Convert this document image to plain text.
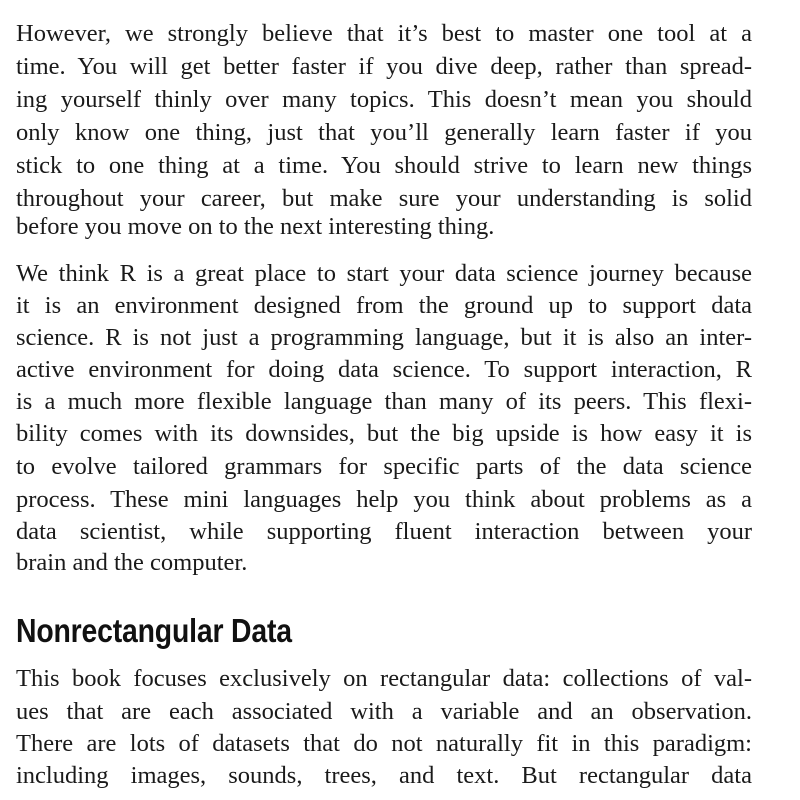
However, we strongly believe that it’s best to master one tool at a
time. You will get better faster if you dive deep, rather than spread-
ing yourself thinly over many topics. This doesn’t mean you should
only know one thing, just that you’ll generally learn faster if you
stick to one thing at a time. You should strive to learn new things
throughout your career, but make sure your understanding is solid
before you move on to the next interesting thing.
We think R is a great place to start your data science journey because
it is an environment designed from the ground up to support data
science. R is not just a programming language, but it is also an inter-
active environment for doing data science. To support interaction, R
is a much more flexible language than many of its peers. This flexi-
bility comes with its downsides, but the big upside is how easy it is
to evolve tailored grammars for specific parts of the data science
process. These mini languages help you think about problems as a
data scientist, while supporting fluent interaction between your
brain and the computer.
Nonrectangular Data
This book focuses exclusively on rectangular data: collections of val-
ues that are each associated with a variable and an observation.
There are lots of datasets that do not naturally fit in this paradigm:
including images, sounds, trees, and text. But rectangular data
